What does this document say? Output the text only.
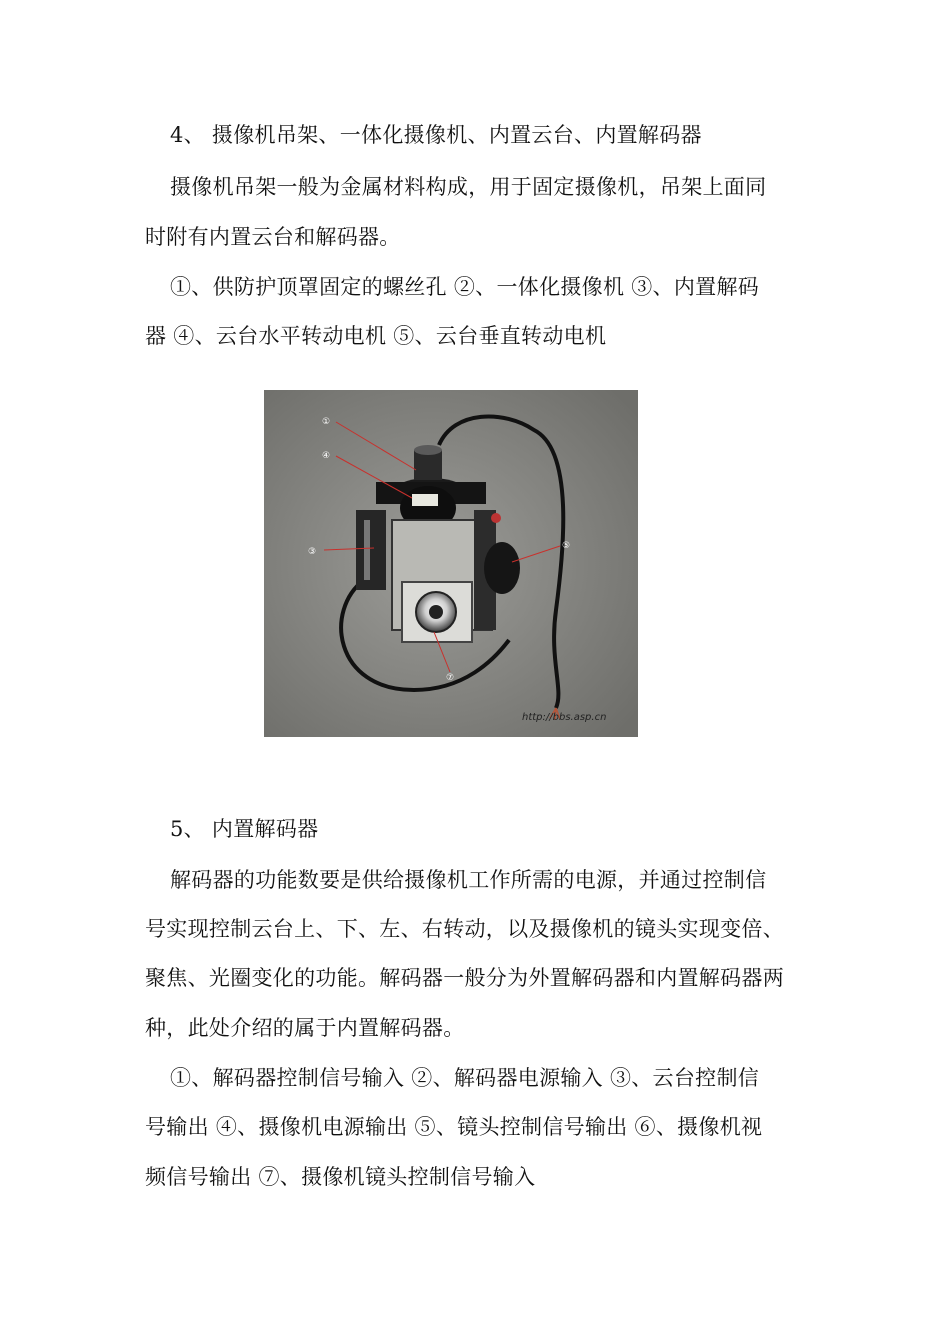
4、 摄像机吊架、一体化摄像机、内置云台、内置解码器
摄像机吊架一般为金属材料构成，用于固定摄像机，吊架上面同
时附有内置云台和解码器。
①、供防护顶罩固定的螺丝孔 ②、一体化摄像机 ③、内置解码
器 ④、云台水平转动电机 ⑤、云台垂直转动电机
①
④
③
⑤
⑦
http://bbs.asp.cn
5、 内置解码器
解码器的功能数要是供给摄像机工作所需的电源，并通过控制信
号实现控制云台上、下、左、右转动，以及摄像机的镜头实现变倍、
聚焦、光圈变化的功能。解码器一般分为外置解码器和内置解码器两
种，此处介绍的属于内置解码器。
①、解码器控制信号输入 ②、解码器电源输入 ③、云台控制信
号输出 ④、摄像机电源输出 ⑤、镜头控制信号输出 ⑥、摄像机视
频信号输出 ⑦、摄像机镜头控制信号输入
